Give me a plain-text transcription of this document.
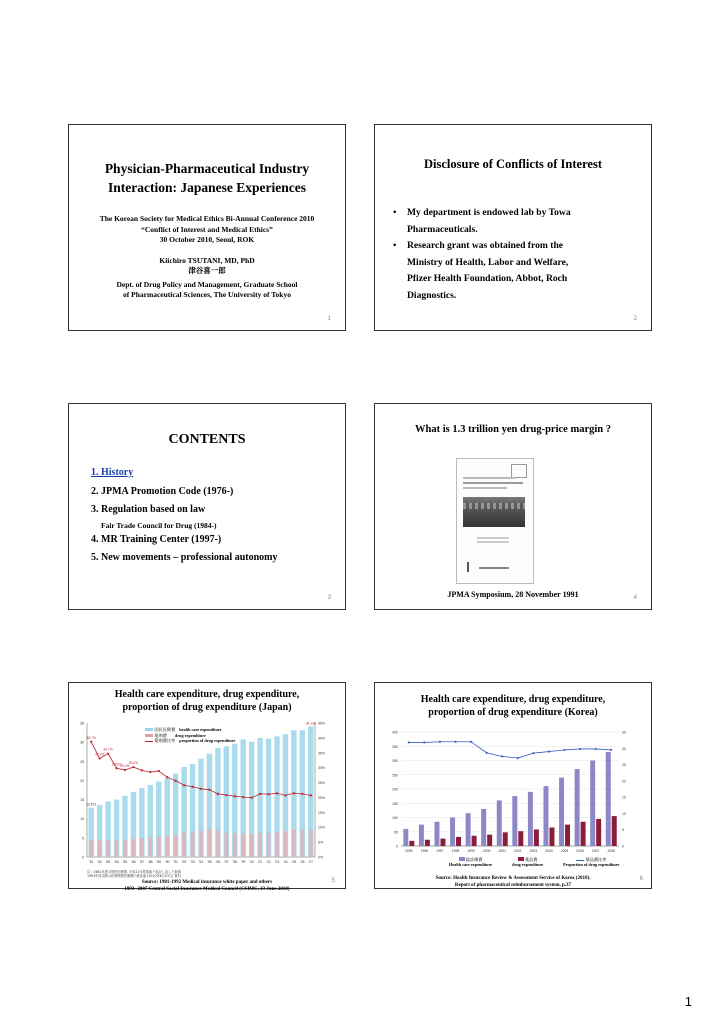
Physician-Pharmaceutical Industry
Interaction: Japanese Experiences
The Korean Society for Medical Ethics Bi-Annual Conference 2010
“Conflict of Interest and Medical Ethics”
30 October 2010, Seoul, ROK
Kiichiro TSUTANI, MD, PhD
津谷喜一郎
Dept. of Drug Policy and Management, Graduate School
of Pharmaceutical Sciences, The University of Tokyo
1
Disclosure of Conflicts of Interest
• My department is endowed lab by Towa
Pharmaceuticals.
• Research grant was obtained from the
Ministry of Health, Labor and Welfare,
Pfizer Health Foundation, Abbot, Roch
Diagnostics.
2
CONTENTS
1. History
2. JPMA Promotion Code (1976-)
3. Regulation based on law
Fair Trade Council for Drug (1984-)
4. MR Training Center (1997-)
5. New movements – professional autonomy
3
What is 1.3 trillion yen drug-price margin ?
JPMA Symposium, 28 November 1991	4
Health care expenditure, drug expenditure,
proportion of drug expenditure (Japan)
0
5
10
15
20
25
30
35
0%
5%
10%
15%
20%
25%
30%
35%
40%
45%
'81 '82 '83 '84 '85 '86 '87 '88 '89 '90 '91 '92 '93 '94 '95 '96 '97 '98 '99 '00 '01 '02 '03 '04 '05 '06 '07
38.7%
33.1%
34.7%
29.8% 29.2%
30.2%
12,971
34,136
国民医療費 health care expenditure
薬剤費 drug expenditure
薬剤費比率 proportion of drug expenditure
注 : 1981年度は国民医療費, 平成11年度数値で表記し直した数値
1993年度以降は医療保険医療費の推計値 (2010年6月23日) 資料
Source: 1981-1992 Medical insurance white paper and others
1993- 2007 Central Social Insurance Medical Council (CSIMC, 23 June 2010)
5
Health care expenditure, drug expenditure,
proportion of drug expenditure (Korea)
0
50
100
150
200
250
300
350
400
0
5
10
15
20
25
30
35
1995 1996 1997 1998 1999 2000 2001 2002 2003 2004 2005 2006 2007 2008
総診療費
Health care expenditure
薬品費
drug expenditure
薬品費比率
Proportion of drug expenditure
Source: Health Insurance Review & Assessment Service of Korea (2010).
Report of pharmaceutical reimbursement system, p.37
6
1
